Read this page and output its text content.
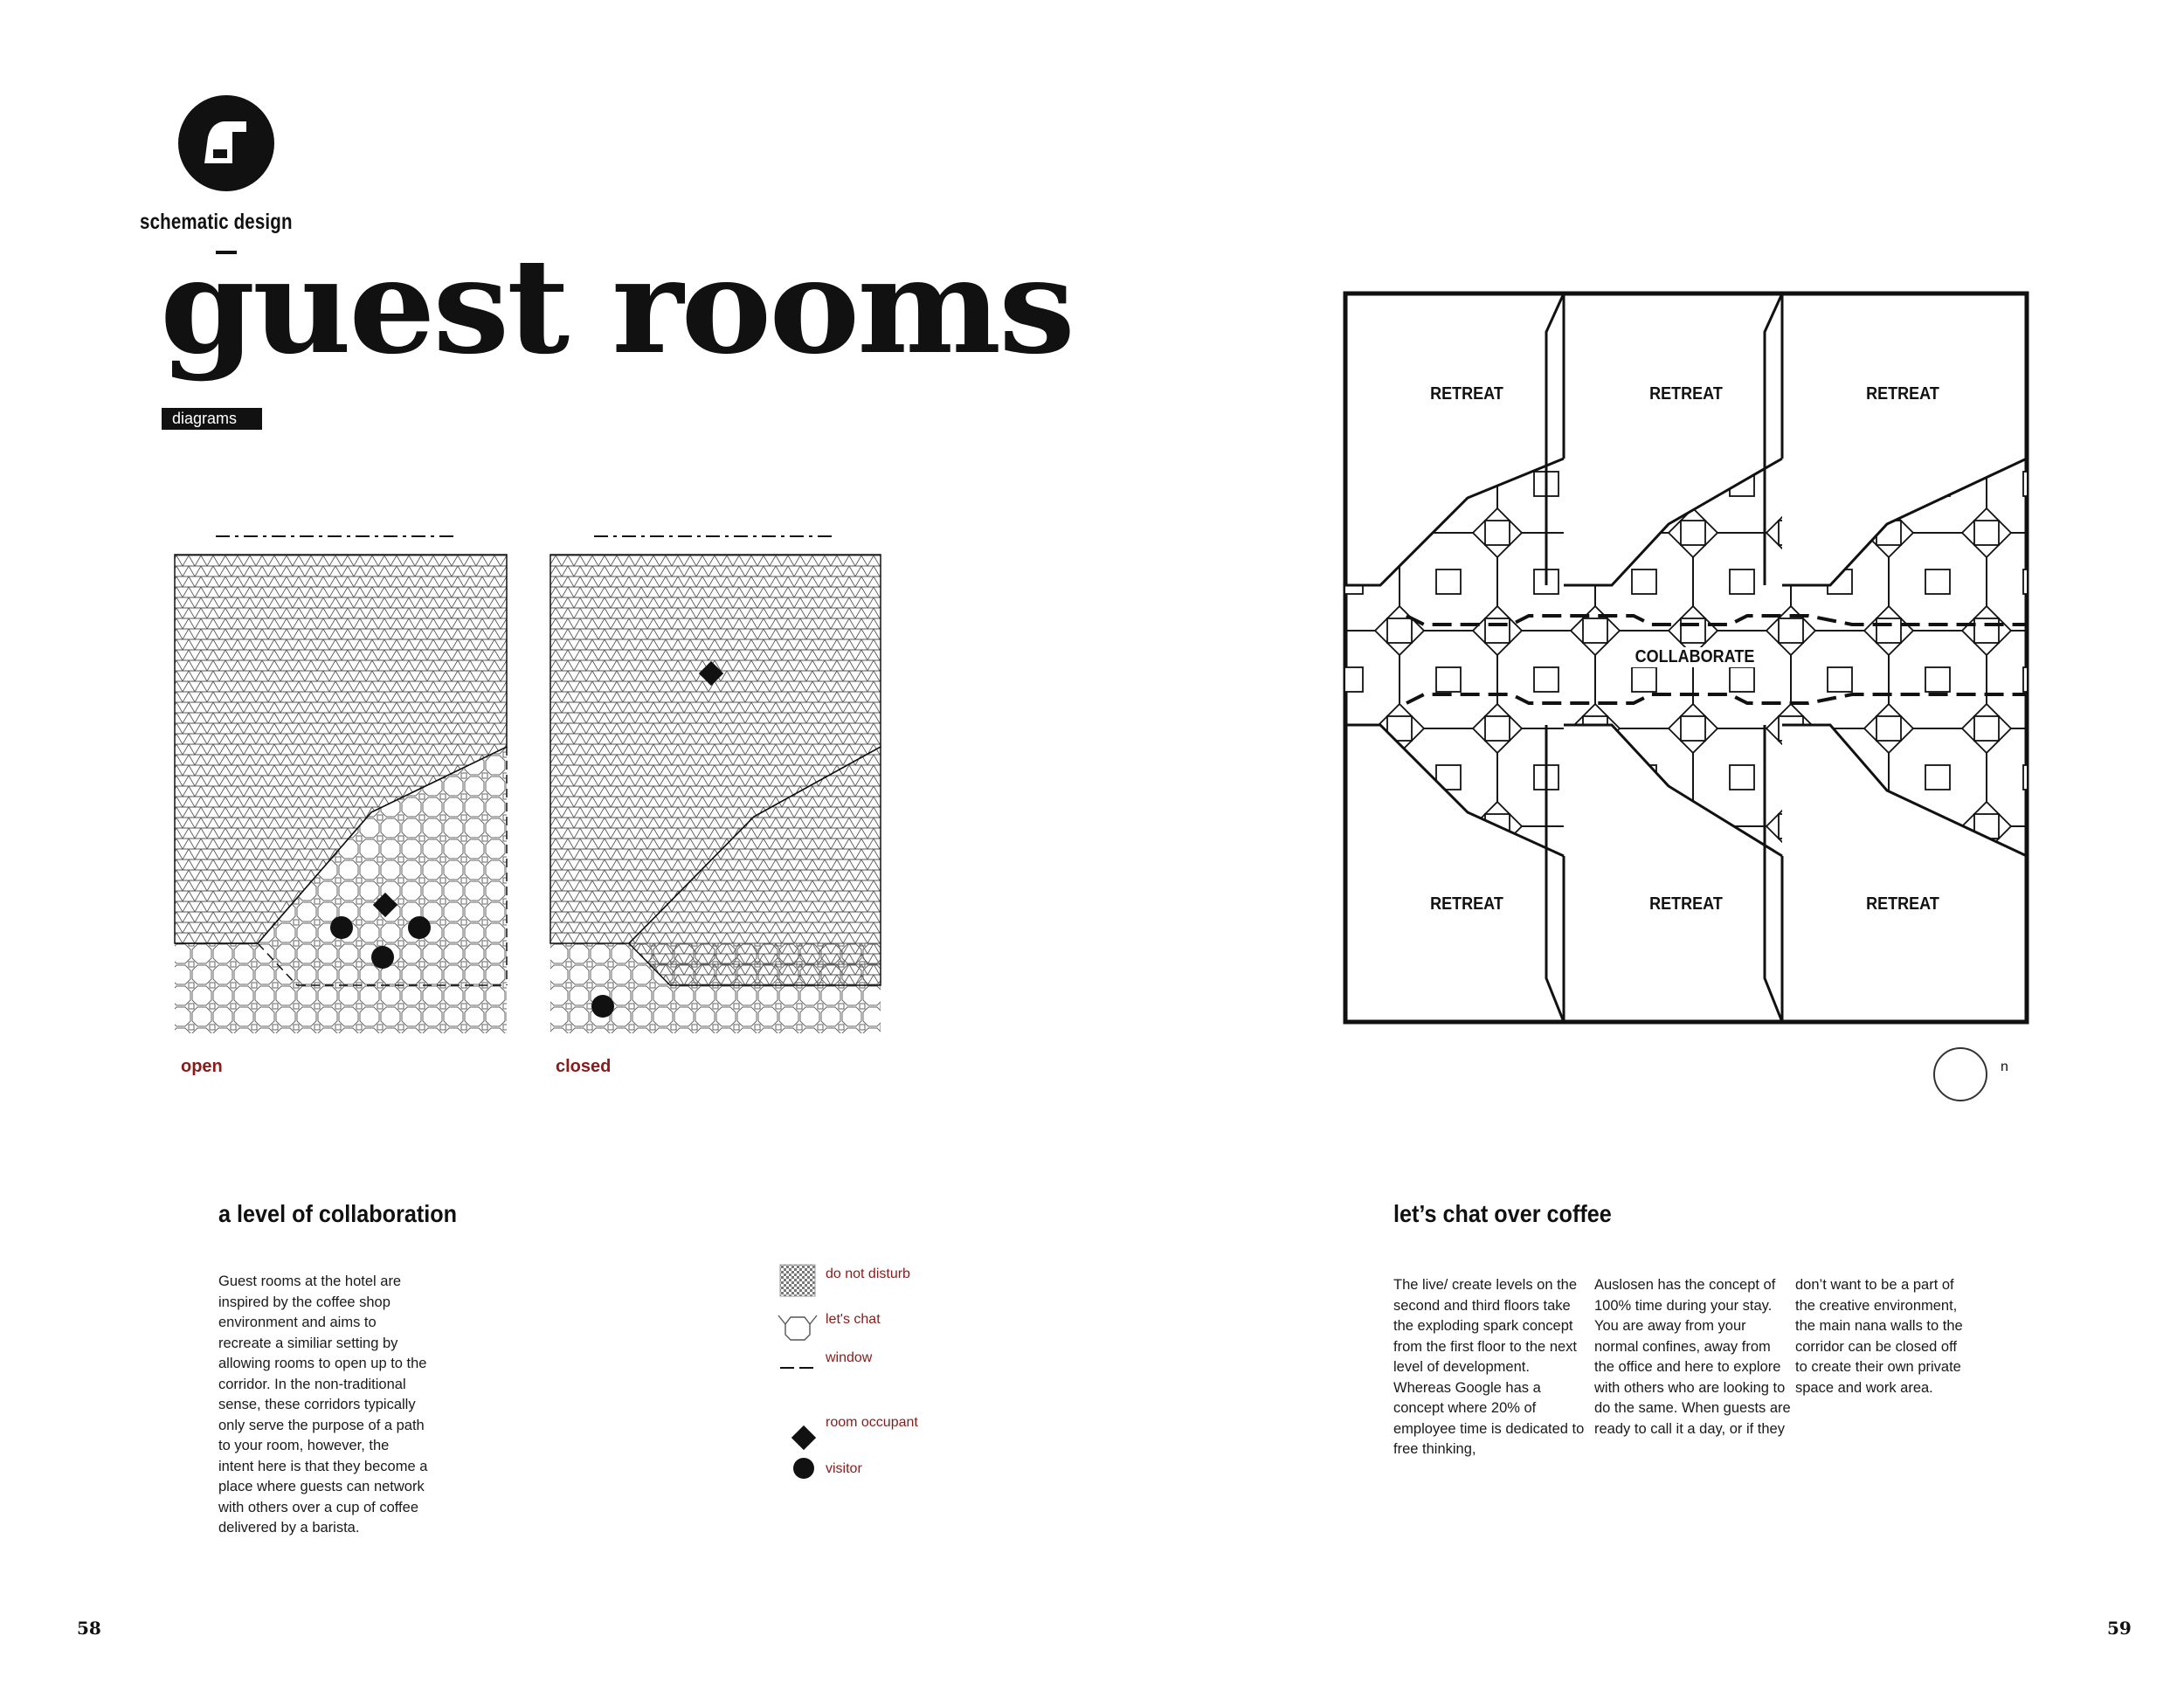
schematic design
guest rooms
diagrams
open	closed
a level of collaboration
Guest rooms at the hotel are inspired by the coffee shop environment and aims to recreate a similiar setting by allowing rooms to open up to the corridor. In the non-traditional sense, these corridors typically only serve the purpose of a path to your room, however, the intent here is that they become a place where guests can network with others over a cup of coffee delivered by a barista.
do not disturb
let's chat
window
room occupant
visitor
RETREAT	RETREAT	RETREAT
COLLABORATE
RETREAT	RETREAT	RETREAT
n
let’s chat over coffee
The live/ create levels on the second and third floors take the exploding spark concept from the first floor to the next level of development. Whereas Google has a concept where 20% of employee time is dedicated to free thinking,
Auslosen has the concept of 100% time during your stay. You are away from your normal confines, away from the office and here to explore with others who are looking to do the same. When guests are ready to call it a day, or if they
don’t want to be a part of the creative environment, the main nana walls to the corridor can be closed off to create their own private space and work area.
58	59
